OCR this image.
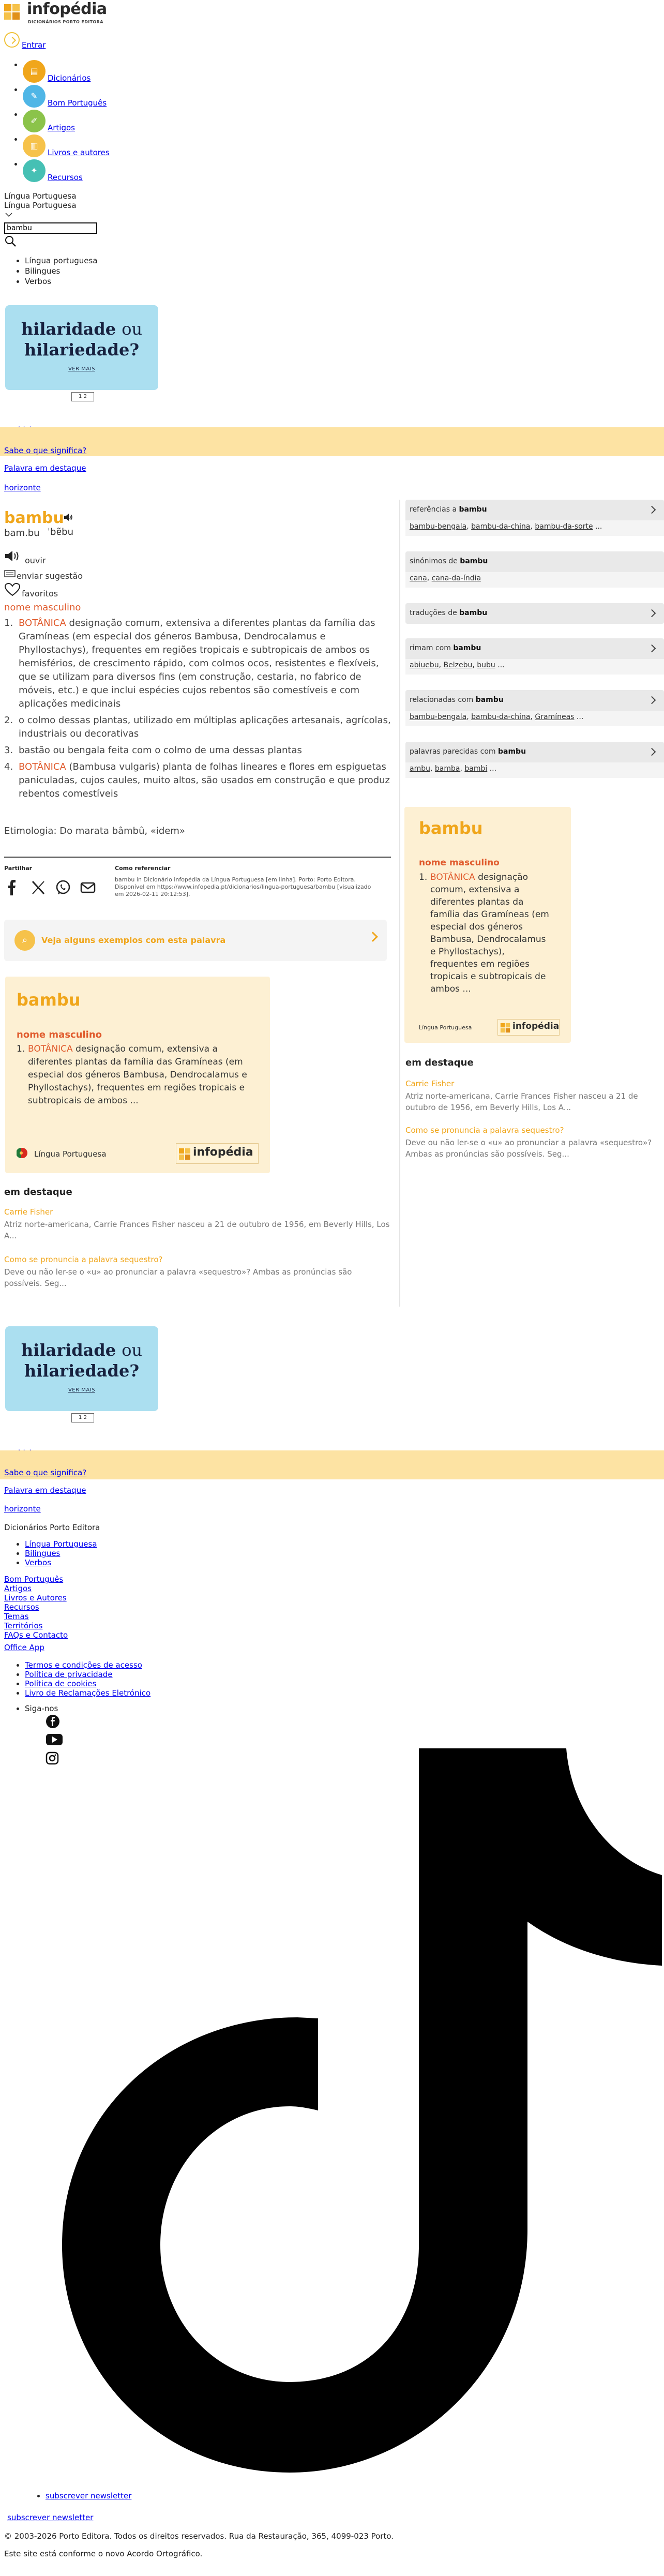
infopédia
DICIONÁRIOS PORTO EDITORA
Entrar
▤
Dicionários
✎
Bom Português
✐
Artigos
▥
Livros e autores
✦
Recursos
Língua Portuguesa
Língua Portuguesa
bambu
• Língua portuguesa
• Bilingues
• Verbos
hilaridade ou
hilariedade?
VER MAIS
1 2
Sabe o que significa?
Palavra em destaque
horizonte
bambu
bam.bu ˈbɐ̃bu
ouvir
enviar sugestão
favoritos
nome masculino
1. BOTÂNICA designação comum, extensiva a diferentes plantas da família das Gramíneas (em especial dos géneros Bambusa, Dendrocalamus e Phyllostachys), frequentes em regiões tropicais e subtropicais de ambos os hemisférios, de crescimento rápido, com colmos ocos, resistentes e flexíveis, que se utilizam para diversos fins (em construção, cestaria, no fabrico de móveis, etc.) e que inclui espécies cujos rebentos são comestíveis e com aplicações medicinais
2. o colmo dessas plantas, utilizado em múltiplas aplicações artesanais, agrícolas, industriais ou decorativas
3. bastão ou bengala feita com o colmo de uma dessas plantas
4. BOTÂNICA (Bambusa vulgaris) planta de folhas lineares e flores em espiguetas paniculadas, cujos caules, muito altos, são usados em construção e que produz rebentos comestíveis
Etimologia: Do marata bâmbû, «idem»
Partilhar	Como referenciar
bambu in Dicionário infopédia da Língua Portuguesa [em linha]. Porto: Porto Editora. Disponível em https://www.infopedia.pt/dicionarios/lingua-portuguesa/bambu [visualizado em 2026-02-11 20:12:53].
⌕	Veja alguns exemplos com esta palavra
bambu
nome masculino
1. BOTÂNICA designação comum, extensiva a diferentes plantas da família das Gramíneas (em especial dos géneros Bambusa, Dendrocalamus e Phyllostachys), frequentes em regiões tropicais e subtropicais de ambos ...
Língua Portuguesa	infopédia
em destaque
Carrie Fisher
Atriz norte-americana, Carrie Frances Fisher nasceu a 21 de outubro de 1956, em Beverly Hills, Los A...
Como se pronuncia a palavra sequestro?
Deve ou não ler-se o «u» ao pronunciar a palavra «sequestro»? Ambas as pronúncias são possíveis. Seg...
referências a bambu
bambu-bengala, bambu-da-china, bambu-da-sorte ...
sinónimos de bambu
cana, cana-da-índia
traduções de bambu
rimam com bambu
abiuebu, Belzebu, bubu ...
relacionadas com bambu
bambu-bengala, bambu-da-china, Gramíneas ...
palavras parecidas com bambu
ambu, bamba, bambi ...
bambu
nome masculino
1. BOTÂNICA designação comum, extensiva a diferentes plantas da família das Gramíneas (em especial dos géneros Bambusa, Dendrocalamus e Phyllostachys), frequentes em regiões tropicais e subtropicais de ambos ...
Língua Portuguesa	infopédia
em destaque
Carrie Fisher
Atriz norte-americana, Carrie Frances Fisher nasceu a 21 de outubro de 1956, em Beverly Hills, Los A...
Como se pronuncia a palavra sequestro?
Deve ou não ler-se o «u» ao pronunciar a palavra «sequestro»? Ambas as pronúncias são possíveis. Seg...
hilaridade ou
hilariedade?
VER MAIS
1 2
Sabe o que significa?
Palavra em destaque
horizonte
Dicionários Porto Editora
• Língua Portuguesa
• Bilingues
• Verbos
Bom Português
Artigos
Livros e Autores
Recursos
Temas
Territórios
FAQs e Contacto
Office App
• Termos e condições de acesso
• Política de privacidade
• Política de cookies
• Livro de Reclamações Eletrónico
• Siga-nos
• subscrever newsletter
subscrever newsletter
© 2003-2026 Porto Editora. Todos os direitos reservados. Rua da Restauração, 365, 4099-023 Porto.
Este site está conforme o novo Acordo Ortográfico.
